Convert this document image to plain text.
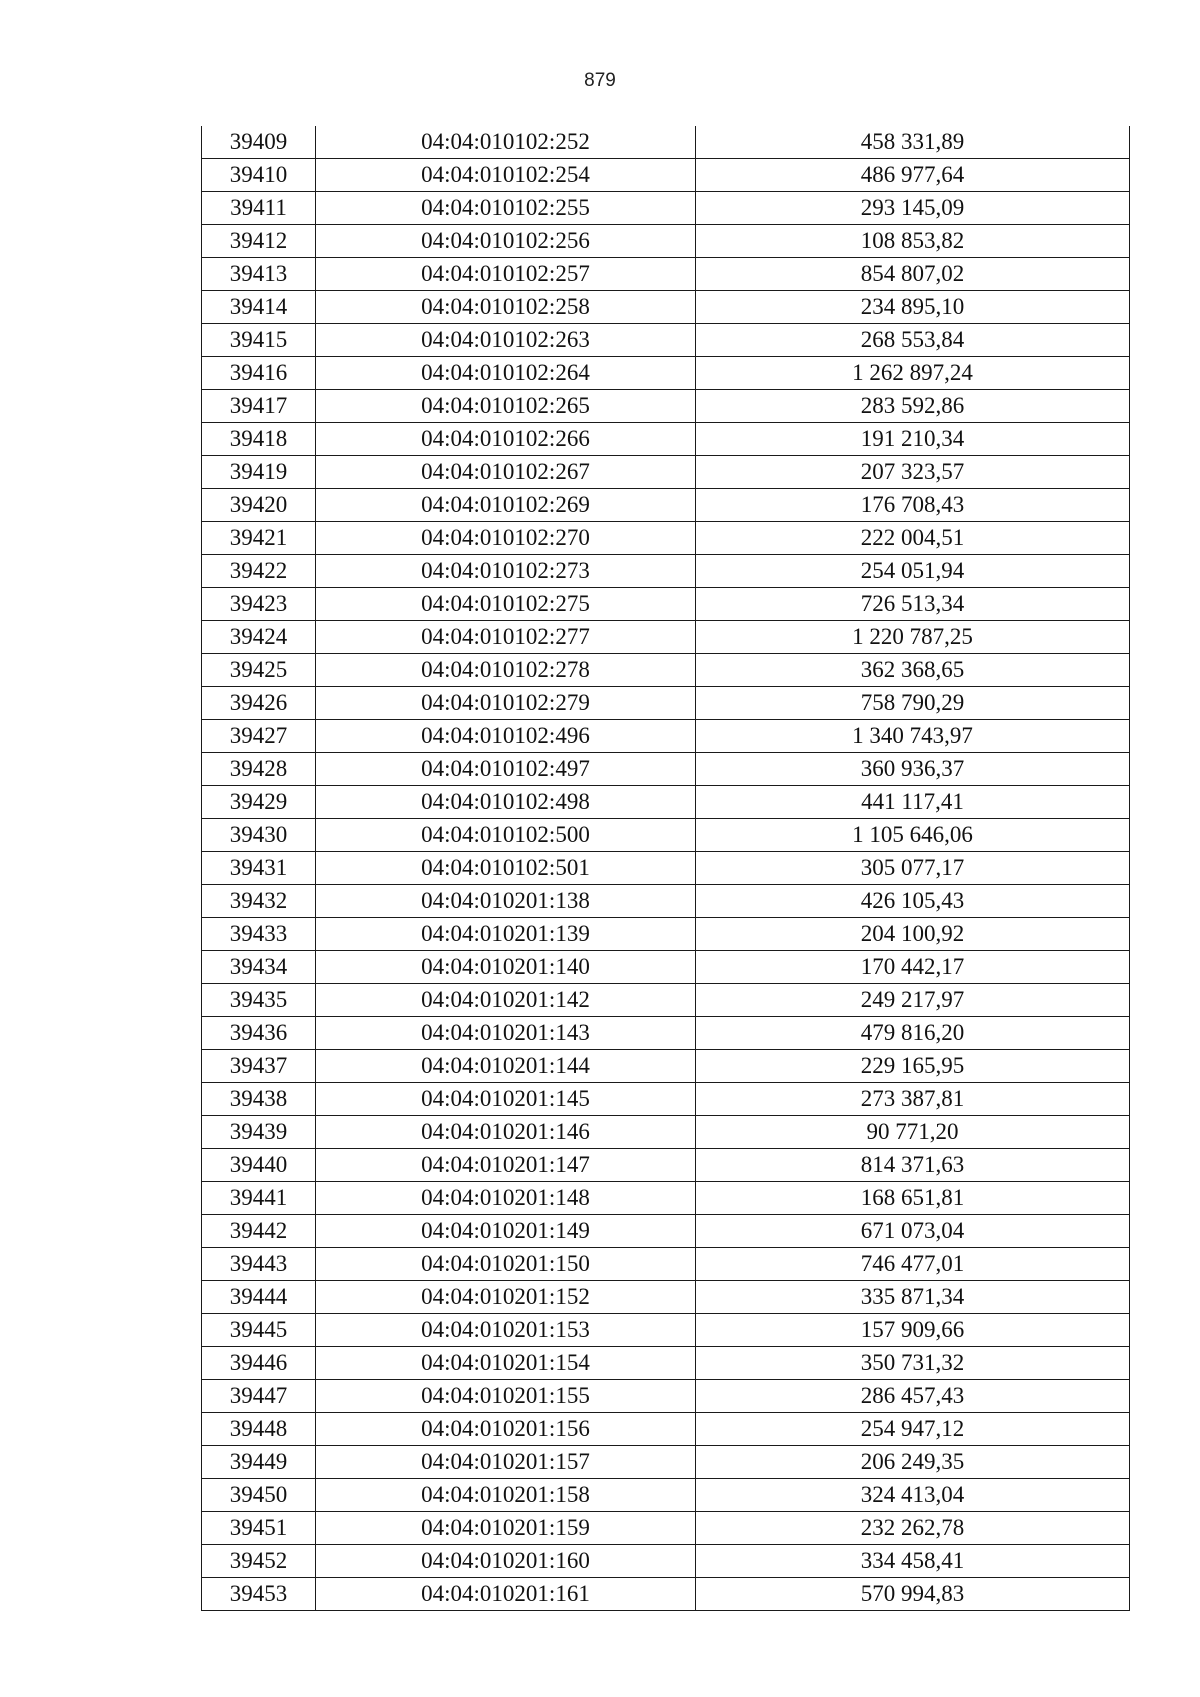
879
39409	04:04:010102:252	458 331,89
39410	04:04:010102:254	486 977,64
39411	04:04:010102:255	293 145,09
39412	04:04:010102:256	108 853,82
39413	04:04:010102:257	854 807,02
39414	04:04:010102:258	234 895,10
39415	04:04:010102:263	268 553,84
39416	04:04:010102:264	1 262 897,24
39417	04:04:010102:265	283 592,86
39418	04:04:010102:266	191 210,34
39419	04:04:010102:267	207 323,57
39420	04:04:010102:269	176 708,43
39421	04:04:010102:270	222 004,51
39422	04:04:010102:273	254 051,94
39423	04:04:010102:275	726 513,34
39424	04:04:010102:277	1 220 787,25
39425	04:04:010102:278	362 368,65
39426	04:04:010102:279	758 790,29
39427	04:04:010102:496	1 340 743,97
39428	04:04:010102:497	360 936,37
39429	04:04:010102:498	441 117,41
39430	04:04:010102:500	1 105 646,06
39431	04:04:010102:501	305 077,17
39432	04:04:010201:138	426 105,43
39433	04:04:010201:139	204 100,92
39434	04:04:010201:140	170 442,17
39435	04:04:010201:142	249 217,97
39436	04:04:010201:143	479 816,20
39437	04:04:010201:144	229 165,95
39438	04:04:010201:145	273 387,81
39439	04:04:010201:146	90 771,20
39440	04:04:010201:147	814 371,63
39441	04:04:010201:148	168 651,81
39442	04:04:010201:149	671 073,04
39443	04:04:010201:150	746 477,01
39444	04:04:010201:152	335 871,34
39445	04:04:010201:153	157 909,66
39446	04:04:010201:154	350 731,32
39447	04:04:010201:155	286 457,43
39448	04:04:010201:156	254 947,12
39449	04:04:010201:157	206 249,35
39450	04:04:010201:158	324 413,04
39451	04:04:010201:159	232 262,78
39452	04:04:010201:160	334 458,41
39453	04:04:010201:161	570 994,83
